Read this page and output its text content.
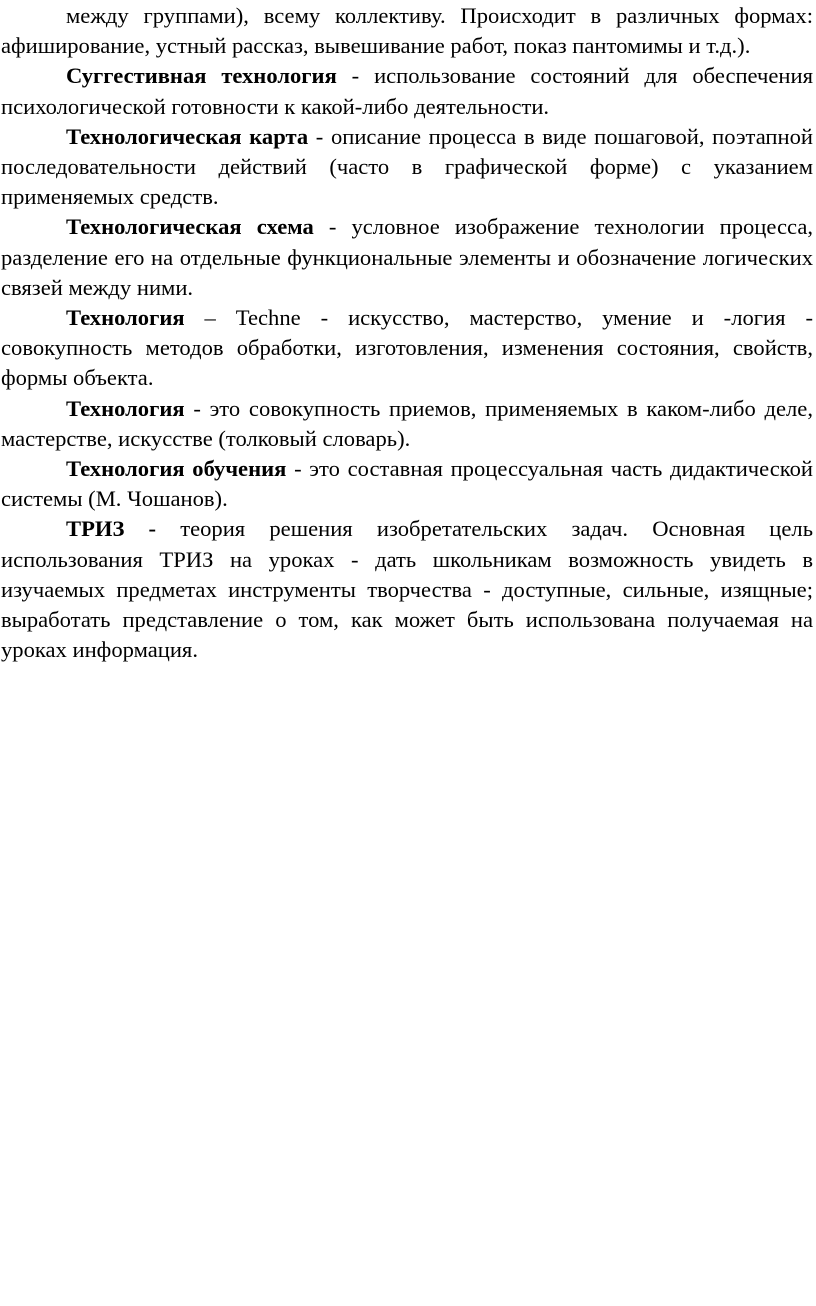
между группами), всему коллективу. Происходит в различных формах: афиширование, устный рассказ, вывешивание работ, показ пантомимы и т.д.).

Суггестивная технология - использование состояний для обеспечения психологической готовности к какой-либо деятельности.

Технологическая карта - описание процесса в виде пошаговой, поэтапной последовательности действий (часто в графической форме) с указанием применяемых средств.

Технологическая схема - условное изображение технологии процесса, разделение его на отдельные функциональные элементы и обозначение логических связей между ними.

Технология – Techne - искусство, мастерство, умение и -логия - совокупность методов обработки, изготовления, изменения состояния, свойств, формы объекта.

Технология - это совокупность приемов, применяемых в каком-либо деле, мастерстве, искусстве (толковый словарь).

Технология обучения - это составная процессуальная часть дидактической системы (М. Чошанов).

ТРИЗ - теория решения изобретательских задач. Основная цель использования ТРИЗ на уроках - дать школьникам возможность увидеть в изучаемых предметах инструменты творчества - доступные, сильные, изящные; выработать представление о том, как может быть использована получаемая на уроках информация.
